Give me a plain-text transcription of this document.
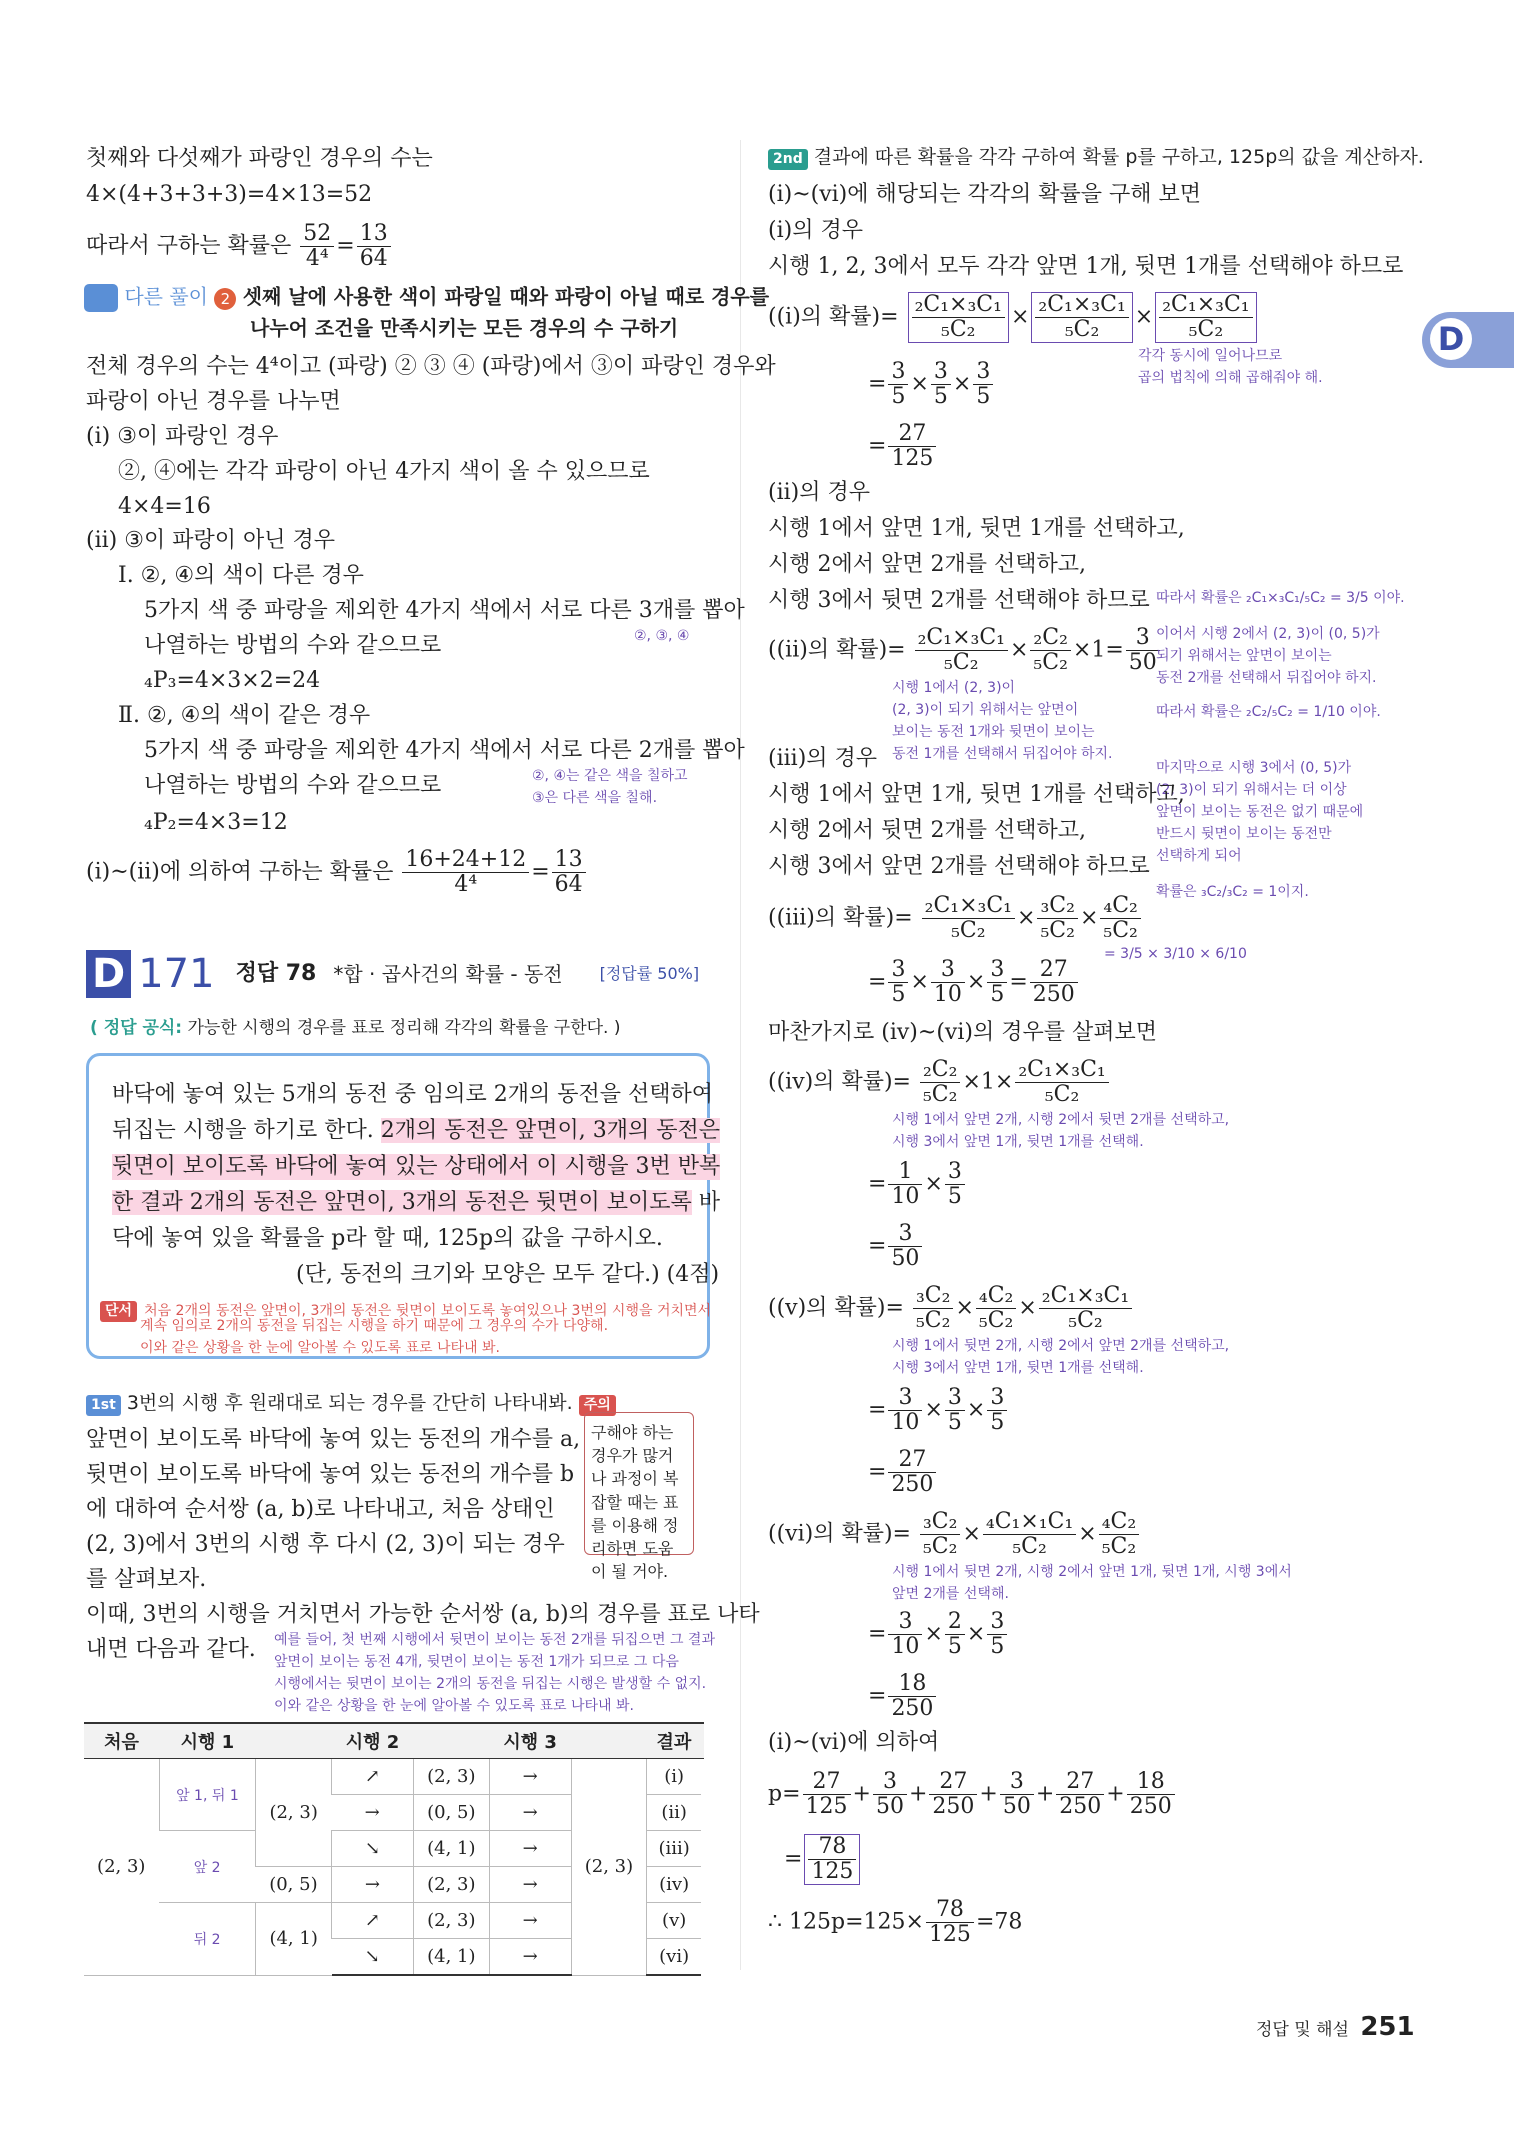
첫째와 다섯째가 파랑인 경우의 수는
4×(4+3+3+3)=4×13=52
따라서 구하는 확률은 $\frac{52}{\text{4⁴}} = \frac{13}{64}$
다른 풀이 2 셋째 날에 사용한 색이 파랑일 때와 파랑이 아닐 때로 경우를
나누어 조건을 만족시키는 모든 경우의 수 구하기
전체 경우의 수는 4⁴이고 (파랑) ② ③ ④ (파랑)에서 ③이 파랑인 경우와
파랑이 아닌 경우를 나누면
(i) ③이 파랑인 경우
②, ④에는 각각 파랑이 아닌 4가지 색이 올 수 있으므로
4×4=16
(ii) ③이 파랑이 아닌 경우
Ⅰ. ②, ④의 색이 다른 경우
5가지 색 중 파랑을 제외한 4가지 색에서 서로 다른 3개를 뽑아
②, ③, ④
나열하는 방법의 수와 같으므로
₄P₃=4×3×2=24
Ⅱ. ②, ④의 색이 같은 경우
5가지 색 중 파랑을 제외한 4가지 색에서 서로 다른 2개를 뽑아
나열하는 방법의 수와 같으므로	②, ④는 같은 색을 칠하고
③은 다른 색을 칠해.
₄P₂=4×3=12
(i)~(ii)에 의하여 구하는 확률은 $\frac{16+24+12}{\text{4⁴}} = \frac{13}{64}$
D 171 정답 78 *합 · 곱사건의 확률 - 동전 [정답률 50%]
( 정답 공식: 가능한 시행의 경우를 표로 정리해 각각의 확률을 구한다. )
바닥에 놓여 있는 5개의 동전 중 임의로 2개의 동전을 선택하여
뒤집는 시행을 하기로 한다. 2개의 동전은 앞면이, 3개의 동전은
뒷면이 보이도록 바닥에 놓여 있는 상태에서 이 시행을 3번 반복
한 결과 2개의 동전은 앞면이, 3개의 동전은 뒷면이 보이도록 바
닥에 놓여 있을 확률을 p라 할 때, 125p의 값을 구하시오.
(단, 동전의 크기와 모양은 모두 같다.) (4점)
단서 처음 2개의 동전은 앞면이, 3개의 동전은 뒷면이 보이도록 놓여있으나 3번의 시행을 거치면서
계속 임의로 2개의 동전을 뒤집는 시행을 하기 때문에 그 경우의 수가 다양해.
이와 같은 상황을 한 눈에 알아볼 수 있도록 표로 나타내 봐.
1st 3번의 시행 후 원래대로 되는 경우를 간단히 나타내봐. 주의
구해야 하는 경우가 많거나 과정이 복잡할 때는 표를 이용해 정리하면 도움이 될 거야.
앞면이 보이도록 바닥에 놓여 있는 동전의 개수를 a,
뒷면이 보이도록 바닥에 놓여 있는 동전의 개수를 b
에 대하여 순서쌍 (a, b)로 나타내고, 처음 상태인
(2, 3)에서 3번의 시행 후 다시 (2, 3)이 되는 경우
를 살펴보자.
이때, 3번의 시행을 거치면서 가능한 순서쌍 (a, b)의 경우를 표로 나타
내면 다음과 같다. 예를 들어, 첫 번째 시행에서 뒷면이 보이는 동전 2개를 뒤집으면 그 결과
앞면이 보이는 동전 4개, 뒷면이 보이는 동전 1개가 되므로 그 다음
시행에서는 뒷면이 보이는 2개의 동전을 뒤집는 시행은 발생할 수 없지.
이와 같은 상황을 한 눈에 알아볼 수 있도록 표로 나타내 봐.
처음	시행 1		시행 2		시행 3		결과	
(2, 3)	앞 1, 뒤 1	(2, 3)	↗	(2, 3)	→	(2, 3)	(i)
			→	(0, 5)	→		(ii)	
	앞 2		↘	(4, 1)	→		(iii)	
		(0, 5)	→	(2, 3)	→		(iv)	
	뒤 2	(4, 1)	↗	(2, 3)	→		(v)	
			↘	(4, 1)	→		(vi)	
D
2nd 결과에 따른 확률을 각각 구하여 확률 p를 구하고, 125p의 값을 계산하자.
(i)~(vi)에 해당되는 각각의 확률을 구해 보면
(i)의 경우
시행 1, 2, 3에서 모두 각각 앞면 1개, 뒷면 1개를 선택해야 하므로
((i)의 확률)= $\frac{\text{₂C₁×₃C₁}}{\text{₅C₂}} \times \frac{\text{₂C₁×₃C₁}}{\text{₅C₂}} \times \frac{\text{₂C₁×₃C₁}}{\text{₅C₂}}$
각각 동시에 일어나므로
곱의 법칙에 의해 곱해줘야 해.
= $\frac{3}{5} \times \frac{3}{5} \times \frac{3}{5}$
= $\frac{27}{125}$
(ii)의 경우
시행 1에서 앞면 1개, 뒷면 1개를 선택하고,
시행 2에서 앞면 2개를 선택하고,
시행 3에서 뒷면 2개를 선택해야 하므로
((ii)의 확률)= $\frac{\text{₂C₁×₃C₁}}{\text{₅C₂}} \times \frac{\text{₂C₂}}{\text{₅C₂}} \times 1= \frac{3}{50}$
따라서 확률은 ₂C₁×₃C₁/₅C₂ = 3/5 이야.
이어서 시행 2에서 (2, 3)이 (0, 5)가
되기 위해서는 앞면이 보이는
동전 2개를 선택해서 뒤집어야 하지.
따라서 확률은 ₂C₂/₅C₂ = 1/10 이야.
시행 1에서 (2, 3)이
(2, 3)이 되기 위해서는 앞면이
보이는 동전 1개와 뒷면이 보이는
동전 1개를 선택해서 뒤집어야 하지.
마지막으로 시행 3에서 (0, 5)가
(2, 3)이 되기 위해서는 더 이상
앞면이 보이는 동전은 없기 때문에
반드시 뒷면이 보이는 동전만
선택하게 되어
확률은 ₃C₂/₃C₂ = 1이지.
(iii)의 경우
시행 1에서 앞면 1개, 뒷면 1개를 선택하고,
시행 2에서 뒷면 2개를 선택하고,
시행 3에서 앞면 2개를 선택해야 하므로
((iii)의 확률)= $\frac{\text{₂C₁×₃C₁}}{\text{₅C₂}} \times \frac{\text{₃C₂}}{\text{₅C₂}} \times \frac{\text{₄C₂}}{\text{₅C₂}}$
= 3/5 × 3/10 × 6/10
= $\frac{3}{5} \times \frac{3}{10} \times \frac{3}{5} = \frac{27}{250}$
마찬가지로 (iv)~(vi)의 경우를 살펴보면
((iv)의 확률)= $\frac{\text{₂C₂}}{\text{₅C₂}} \times 1\times \frac{\text{₂C₁×₃C₁}}{\text{₅C₂}}$
시행 1에서 앞면 2개, 시행 2에서 뒷면 2개를 선택하고,
시행 3에서 앞면 1개, 뒷면 1개를 선택해.
= $\frac{1}{10} \times \frac{3}{5}$
= $\frac{3}{50}$
((v)의 확률)= $\frac{\text{₃C₂}}{\text{₅C₂}} \times \frac{\text{₄C₂}}{\text{₅C₂}} \times \frac{\text{₂C₁×₃C₁}}{\text{₅C₂}}$
시행 1에서 뒷면 2개, 시행 2에서 앞면 2개를 선택하고,
시행 3에서 앞면 1개, 뒷면 1개를 선택해.
= $\frac{3}{10} \times \frac{3}{5} \times \frac{3}{5}$
= $\frac{27}{250}$
((vi)의 확률)= $\frac{\text{₃C₂}}{\text{₅C₂}} \times \frac{\text{₄C₁×₁C₁}}{\text{₅C₂}} \times \frac{\text{₄C₂}}{\text{₅C₂}}$
시행 1에서 뒷면 2개, 시행 2에서 앞면 1개, 뒷면 1개, 시행 3에서
앞면 2개를 선택해.
= $\frac{3}{10} \times \frac{2}{5} \times \frac{3}{5}$
= $\frac{18}{250}$
(i)~(vi)에 의하여
$p= \frac{27}{125} + \frac{3}{50} + \frac{27}{250} + \frac{3}{50} + \frac{27}{250} + \frac{18}{250}$
= $\frac{78}{125}$
∴ $125p=125\times \frac{78}{125} =78$
정답 및 해설 251
